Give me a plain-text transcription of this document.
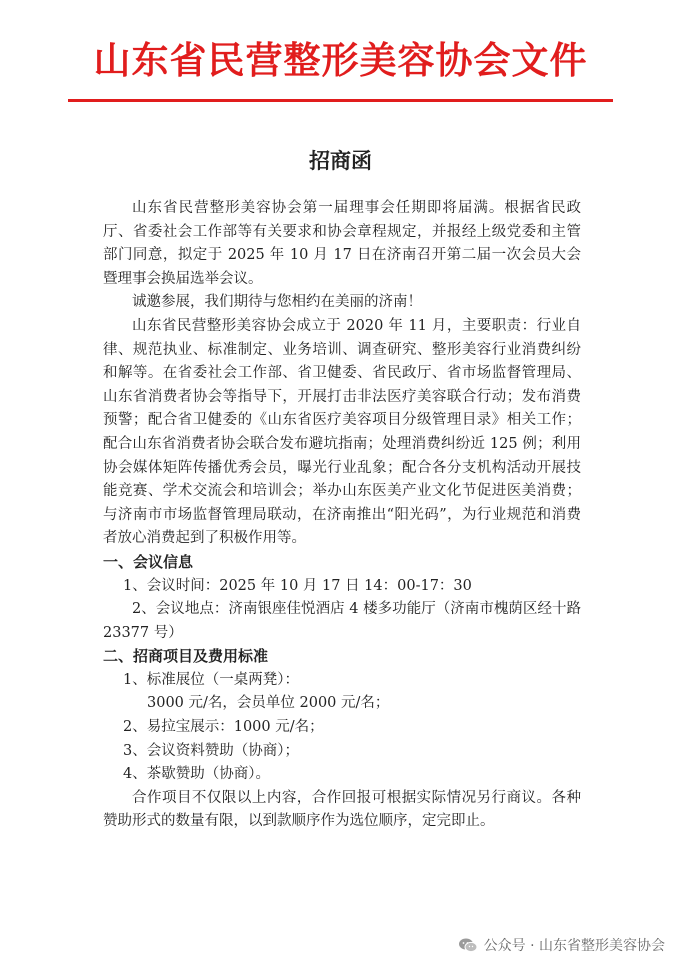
山东省民营整形美容协会文件
招商函

山东省民营整形美容协会第一届理事会任期即将届满。根据省民政厅、省委社会工作部等有关要求和协会章程规定，并报经上级党委和主管部门同意，拟定于 2025 年 10 月 17 日在济南召开第二届一次会员大会暨理事会换届选举会议。

诚邀参展，我们期待与您相约在美丽的济南！

山东省民营整形美容协会成立于 2020 年 11 月，主要职责：行业自律、规范执业、标准制定、业务培训、调查研究、整形美容行业消费纠纷和解等。在省委社会工作部、省卫健委、省民政厅、省市场监督管理局、山东省消费者协会等指导下，开展打击非法医疗美容联合行动；发布消费预警；配合省卫健委的《山东省医疗美容项目分级管理目录》相关工作；配合山东省消费者协会联合发布避坑指南；处理消费纠纷近 125 例；利用协会媒体矩阵传播优秀会员，曝光行业乱象；配合各分支机构活动开展技能竞赛、学术交流会和培训会；举办山东医美产业文化节促进医美消费；与济南市市场监督管理局联动，在济南推出“阳光码”，为行业规范和消费者放心消费起到了积极作用等。

一、会议信息

1、会议时间：2025 年 10 月 17 日 14：00-17：30

2、会议地点：济南银座佳悦酒店 4 楼多功能厅（济南市槐荫区经十路 23377 号）

二、招商项目及费用标准

1、标准展位（一桌两凳）：

3000 元/名，会员单位 2000 元/名；

2、易拉宝展示：1000 元/名；

3、会议资料赞助（协商）；

4、茶歇赞助（协商）。

合作项目不仅限以上内容，合作回报可根据实际情况另行商议。各种赞助形式的数量有限，以到款顺序作为选位顺序，定完即止。

公众号 · 山东省整形美容协会
